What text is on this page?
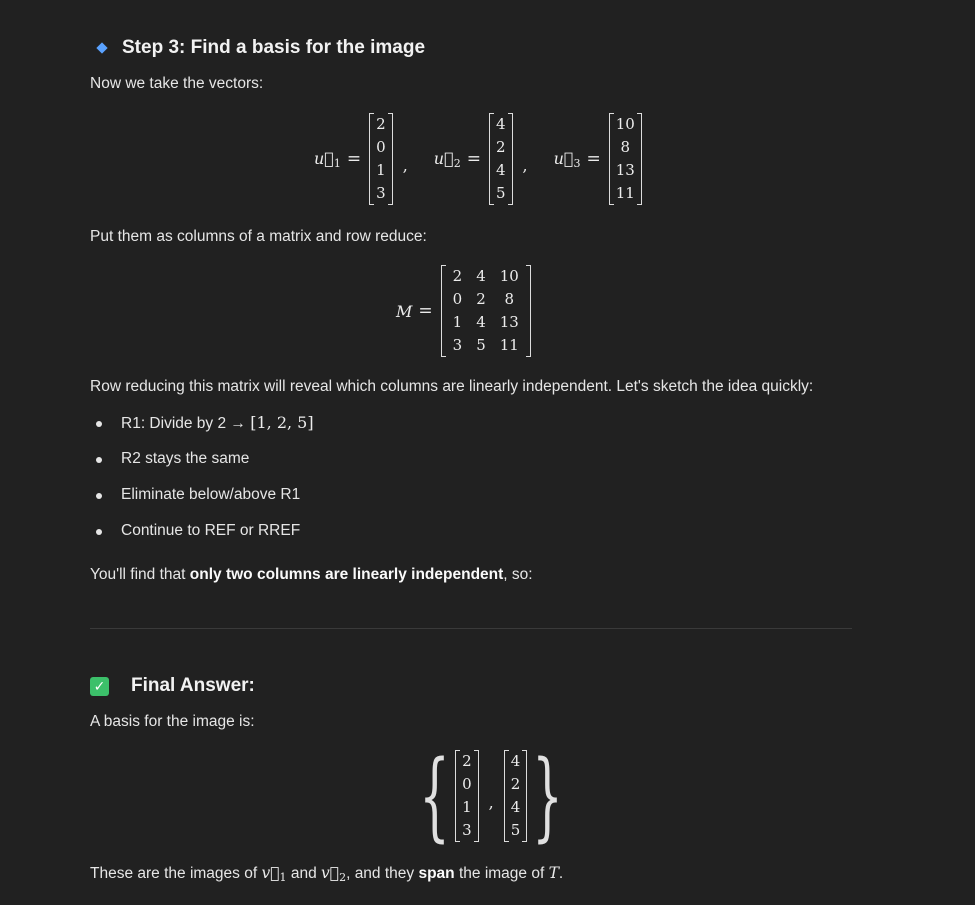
Step 3: Find a basis for the image
Now we take the vectors:
$u⃗_1$ =
2
0
1
3
, $u⃗_2$ =
4
2
4
5
, $u⃗_3$ =
10
8
13
11
Put them as columns of a matrix and row reduce:
M =
2	4	10
0	2	8
1	4	13
3	5	11
Row reducing this matrix will reveal which columns are linearly independent. Let's sketch the idea quickly:
R1: Divide by 2 → [1, 2, 5]
R2 stays the same
Eliminate below/above R1
Continue to REF or RREF
You'll find that only two columns are linearly independent, so:
✓ Final Answer:
A basis for the image is:
{ 2
0
1
3
,
4
2
4
5 }
These are the images of $v⃗_1$ and $v⃗_2$, and they span the image of T.
